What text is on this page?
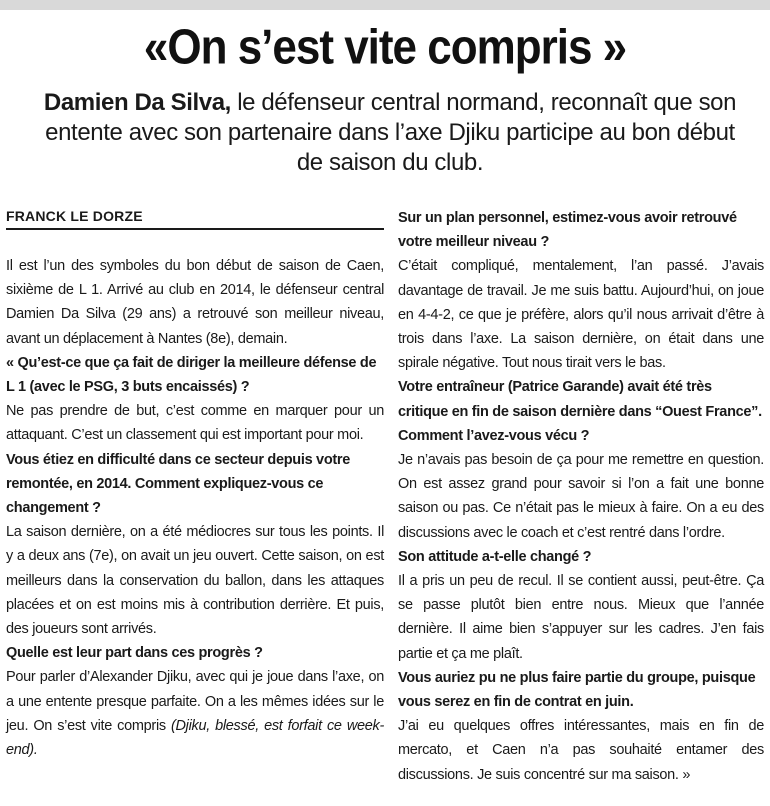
«On s’est vite compris »
Damien Da Silva, le défenseur central normand, reconnaît que son entente avec son partenaire dans l’axe Djiku participe au bon début de saison du club.
FRANCK LE DORZE

Il est l’un des symboles du bon début de saison de Caen, sixième de L 1. Arrivé au club en 2014, le défenseur central Damien Da Silva (29 ans) a retrouvé son meilleur niveau, avant un déplacement à Nantes (8e), demain.

« Qu’est-ce que ça fait de diriger la meilleure défense de L 1 (avec le PSG, 3 buts encaissés) ?

Ne pas prendre de but, c’est comme en marquer pour un attaquant. C’est un classement qui est important pour moi.

Vous étiez en difficulté dans ce secteur depuis votre remontée, en 2014. Comment expliquez-vous ce changement ?

La saison dernière, on a été médiocres sur tous les points. Il y a deux ans (7e), on avait un jeu ouvert. Cette saison, on est meilleurs dans la conservation du ballon, dans les attaques placées et on est moins mis à contribution derrière. Et puis, des joueurs sont arrivés.

Quelle est leur part dans ces progrès ?

Pour parler d’Alexander Djiku, avec qui je joue dans l’axe, on a une entente presque parfaite. On a les mêmes idées sur le jeu. On s’est vite compris (Djiku, blessé, est forfait ce week-end).

Sur un plan personnel, estimez-vous avoir retrouvé votre meilleur niveau ?

C’était compliqué, mentalement, l’an passé. J’avais davantage de travail. Je me suis battu. Aujourd’hui, on joue en 4-4-2, ce que je préfère, alors qu’il nous arrivait d’être à trois dans l’axe. La saison dernière, on était dans une spirale négative. Tout nous tirait vers le bas.

Votre entraîneur (Patrice Garande) avait été très critique en fin de saison dernière dans “Ouest France”. Comment l’avez-vous vécu ?

Je n’avais pas besoin de ça pour me remettre en question. On est assez grand pour savoir si l’on a fait une bonne saison ou pas. Ce n’était pas le mieux à faire. On a eu des discussions avec le coach et c’est rentré dans l’ordre.

Son attitude a-t-elle changé ?

Il a pris un peu de recul. Il se contient aussi, peut-être. Ça se passe plutôt bien entre nous. Mieux que l’année dernière. Il aime bien s’appuyer sur les cadres. J’en fais partie et ça me plaît.

Vous auriez pu ne plus faire partie du groupe, puisque vous serez en fin de contrat en juin.

J’ai eu quelques offres intéressantes, mais en fin de mercato, et Caen n’a pas souhaité entamer des discussions. Je suis concentré sur ma saison. »
